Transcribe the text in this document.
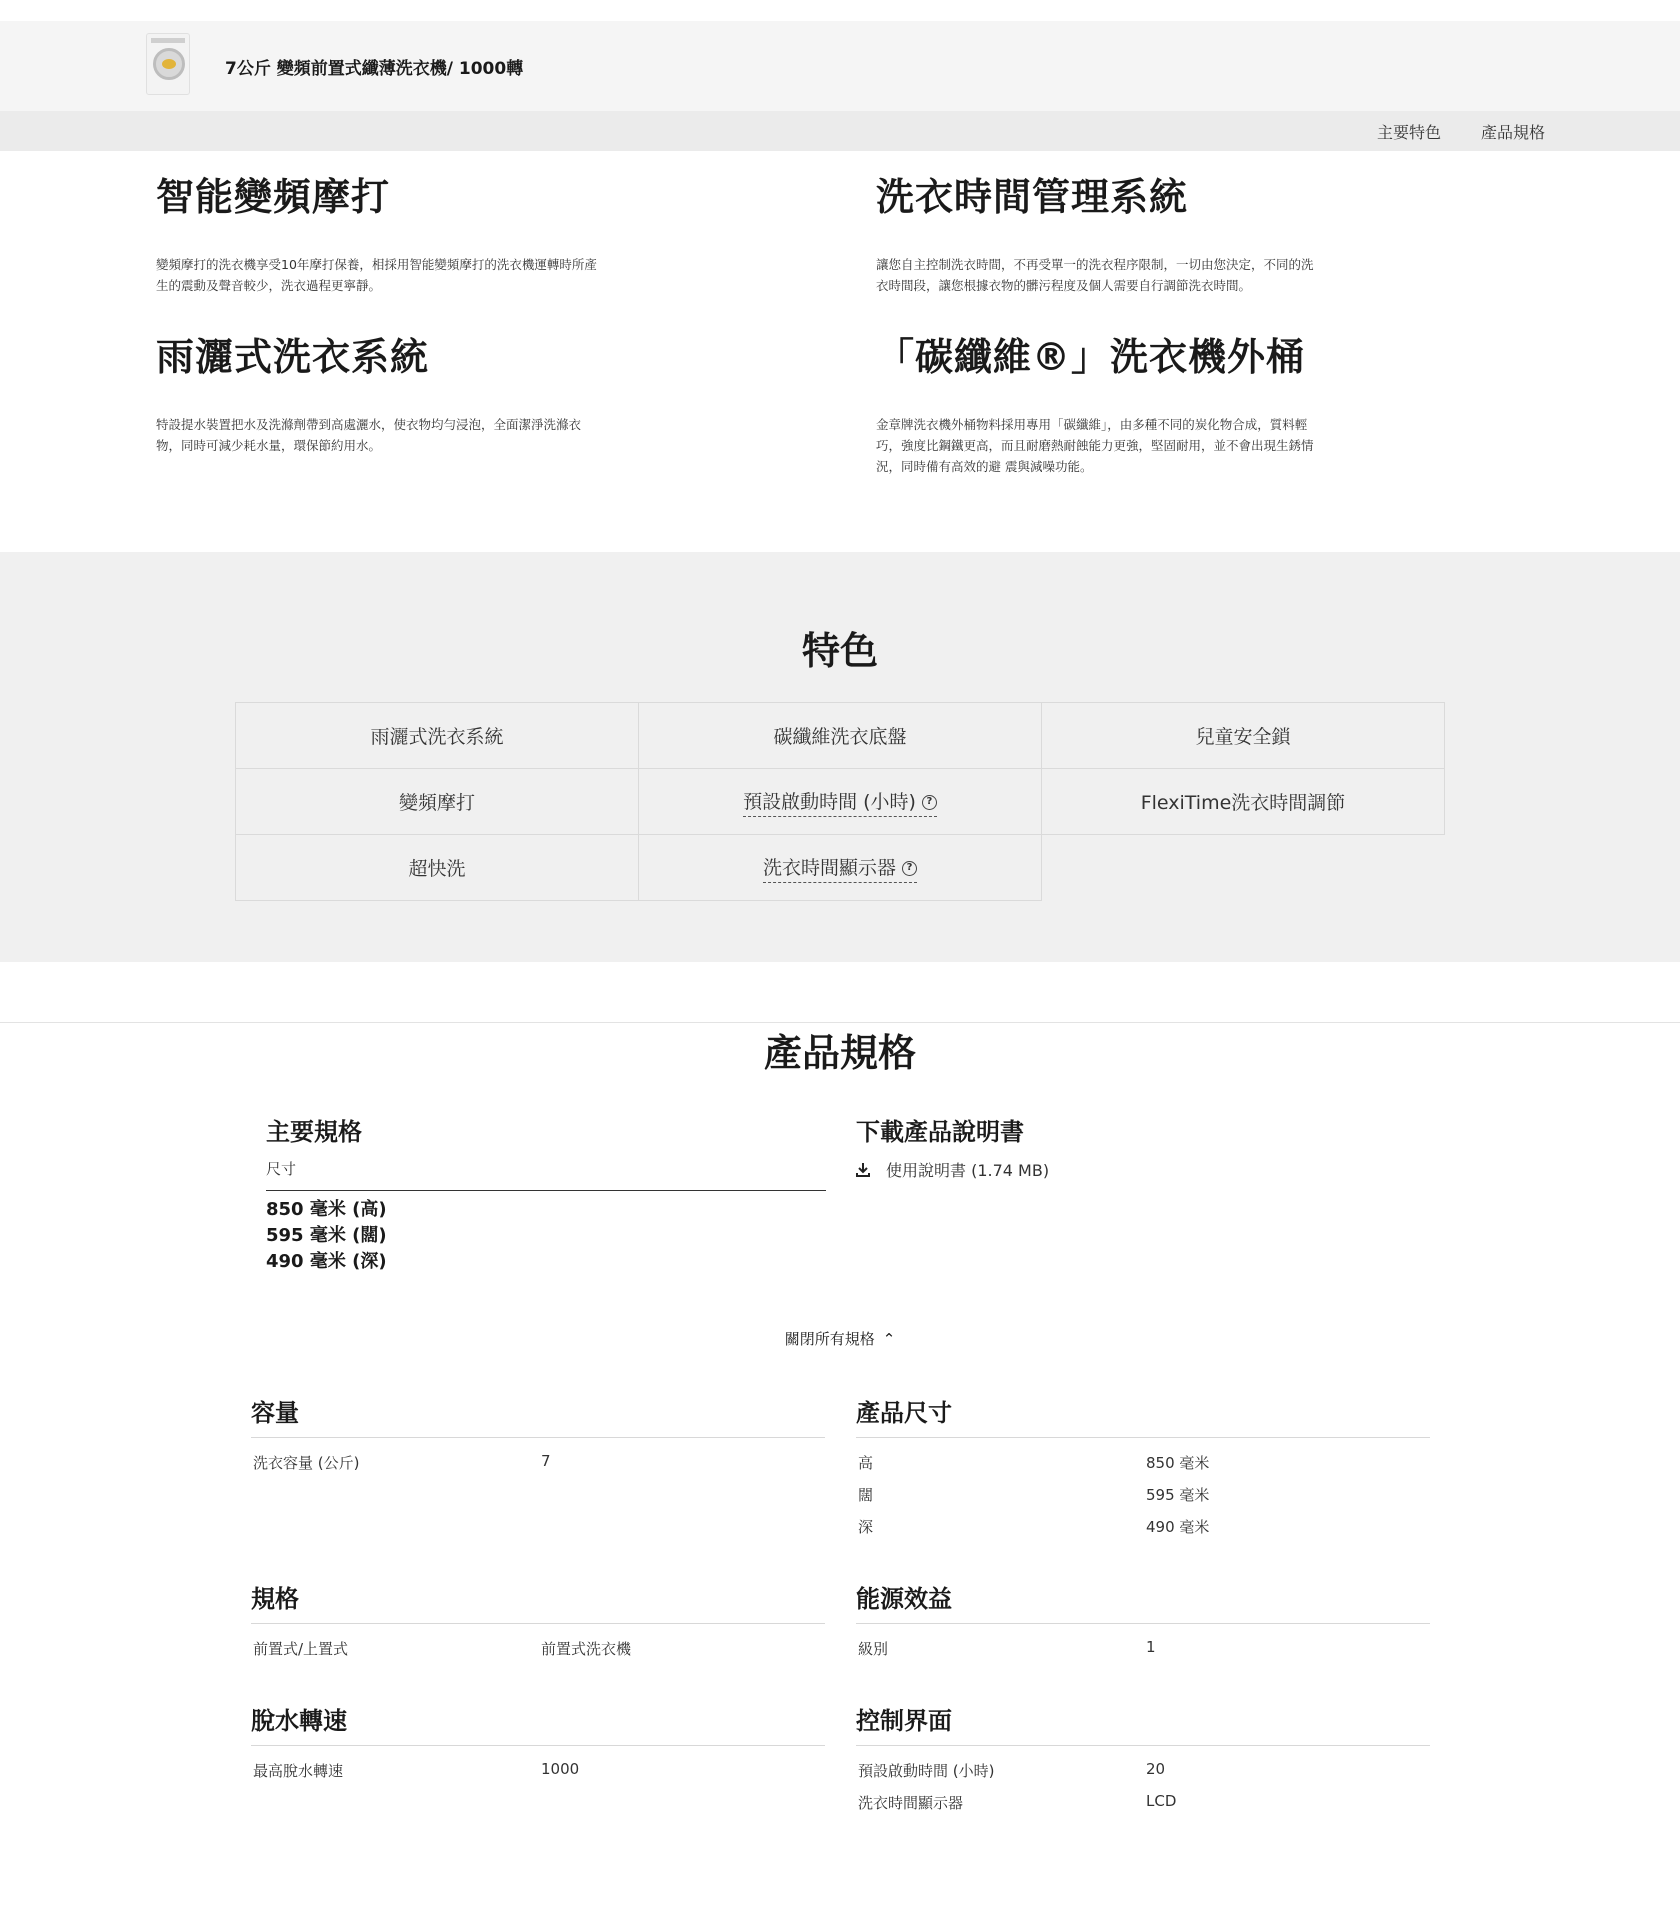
7公斤 變頻前置式纖薄洗衣機/ 1000轉
主要特色 產品規格
智能變頻摩打
變頻摩打的洗衣機享受10年摩打保養，相採用智能變頻摩打的洗衣機運轉時所產
生的震動及聲音較少，洗衣過程更寧靜。
洗衣時間管理系統
讓您自主控制洗衣時間，不再受單一的洗衣程序限制，一切由您決定，不同的洗
衣時間段，讓您根據衣物的髒污程度及個人需要自行調節洗衣時間。
雨灑式洗衣系統
特設提水裝置把水及洗滌劑帶到高處灑水，使衣物均勻浸泡，全面潔淨洗滌衣
物，同時可減少耗水量，環保節約用水。
「碳纖維®」洗衣機外桶
金章牌洗衣機外桶物料採用專用「碳纖維」，由多種不同的炭化物合成，質料輕
巧，強度比鋼鐵更高，而且耐磨熱耐蝕能力更強，堅固耐用，並不會出現生銹情
況，同時備有高效的避 震與減噪功能。
特色
雨灑式洗衣系統	碳纖維洗衣底盤	兒童安全鎖
變頻摩打	預設啟動時間 (小時) ?	FlexiTime洗衣時間調節
超快洗	洗衣時間顯示器 ?
產品規格
主要規格
尺寸
850 毫米 (高)
595 毫米 (闊)
490 毫米 (深)
下載產品說明書
使用說明書 (1.74 MB)
關閉所有規格 ⌃
容量
洗衣容量 (公斤)	7
產品尺寸
高	850 毫米
闊	595 毫米
深	490 毫米
規格
前置式/上置式	前置式洗衣機
能源效益
級別	1
脫水轉速
最高脫水轉速	1000
控制界面
預設啟動時間 (小時)	20
洗衣時間顯示器	LCD
